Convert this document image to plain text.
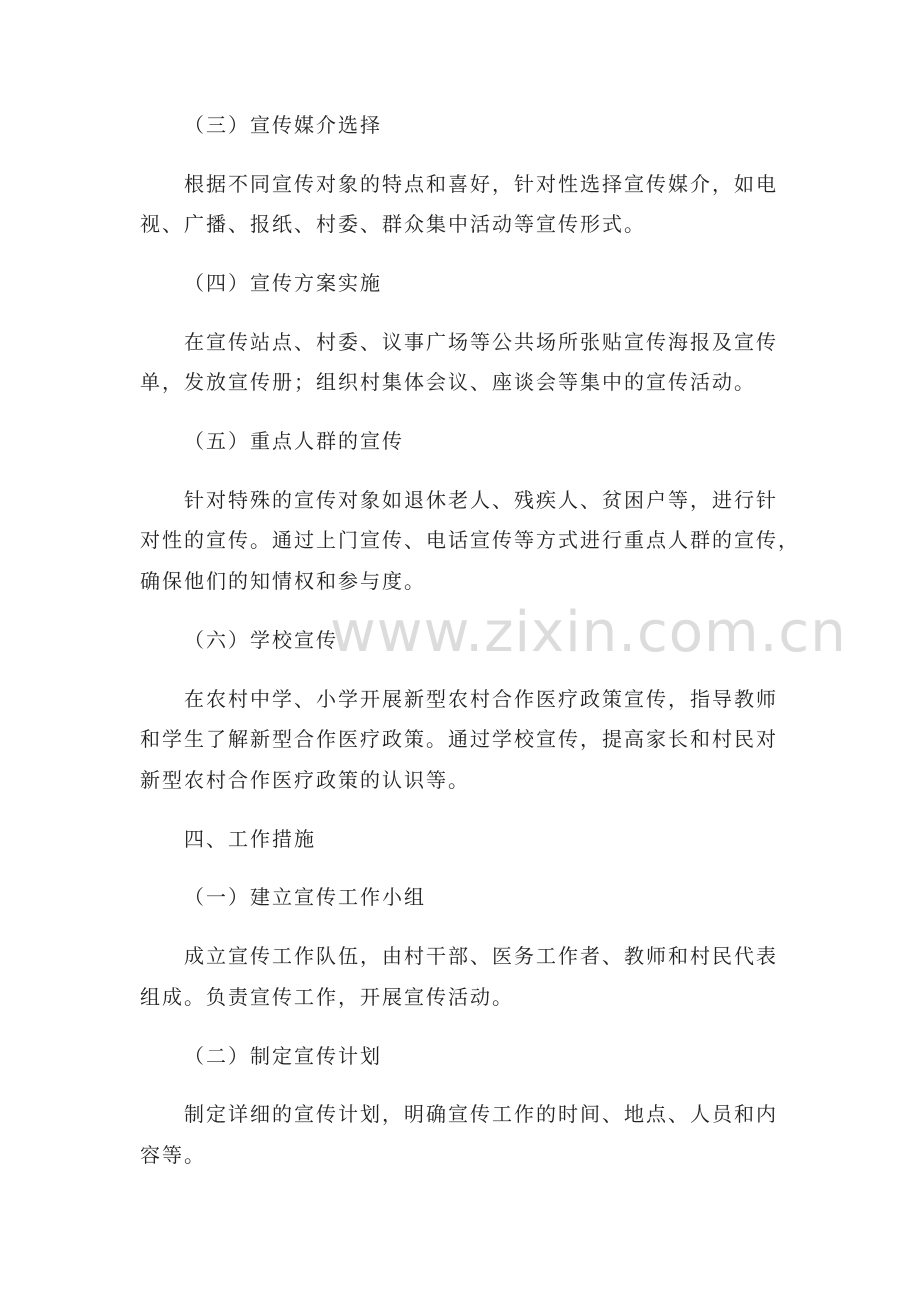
（三）宣传媒介选择
根据不同宣传对象的特点和喜好，针对性选择宣传媒介，如电
视、广播、报纸、村委、群众集中活动等宣传形式。
（四）宣传方案实施
在宣传站点、村委、议事广场等公共场所张贴宣传海报及宣传
单，发放宣传册；组织村集体会议、座谈会等集中的宣传活动。
（五）重点人群的宣传
针对特殊的宣传对象如退休老人、残疾人、贫困户等，进行针
对性的宣传。通过上门宣传、电话宣传等方式进行重点人群的宣传，
确保他们的知情权和参与度。
www.zixin.com.cn
（六）学校宣传
在农村中学、小学开展新型农村合作医疗政策宣传，指导教师
和学生了解新型合作医疗政策。通过学校宣传，提高家长和村民对
新型农村合作医疗政策的认识等。
四、工作措施
（一）建立宣传工作小组
成立宣传工作队伍，由村干部、医务工作者、教师和村民代表
组成。负责宣传工作，开展宣传活动。
（二）制定宣传计划
制定详细的宣传计划，明确宣传工作的时间、地点、人员和内
容等。
